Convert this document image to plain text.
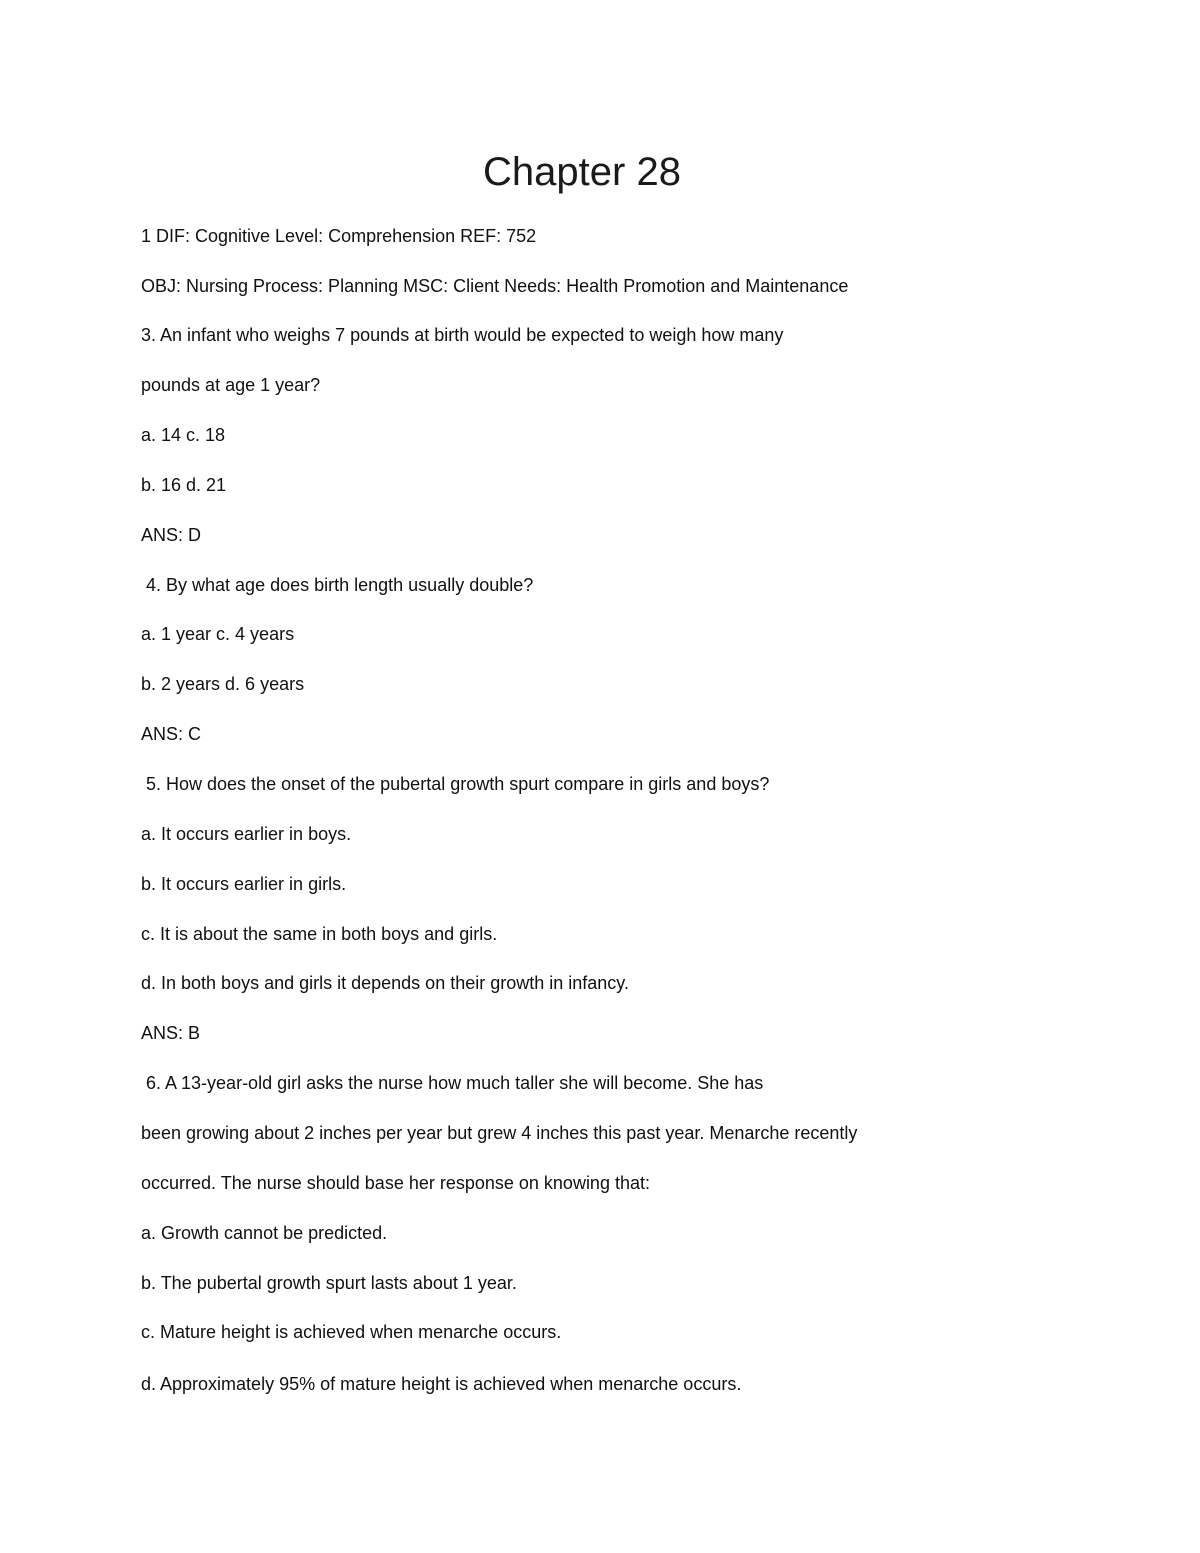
Chapter 28
1 DIF: Cognitive Level: Comprehension REF: 752
OBJ: Nursing Process: Planning MSC: Client Needs: Health Promotion and Maintenance
3. An infant who weighs 7 pounds at birth would be expected to weigh how many
pounds at age 1 year?
a. 14 c. 18
b. 16 d. 21
ANS: D
4. By what age does birth length usually double?
a. 1 year c. 4 years
b. 2 years d. 6 years
ANS: C
5. How does the onset of the pubertal growth spurt compare in girls and boys?
a. It occurs earlier in boys.
b. It occurs earlier in girls.
c. It is about the same in both boys and girls.
d. In both boys and girls it depends on their growth in infancy.
ANS: B
6. A 13-year-old girl asks the nurse how much taller she will become. She has
been growing about 2 inches per year but grew 4 inches this past year. Menarche recently
occurred. The nurse should base her response on knowing that:
a. Growth cannot be predicted.
b. The pubertal growth spurt lasts about 1 year.
c. Mature height is achieved when menarche occurs.
d. Approximately 95% of mature height is achieved when menarche occurs.
